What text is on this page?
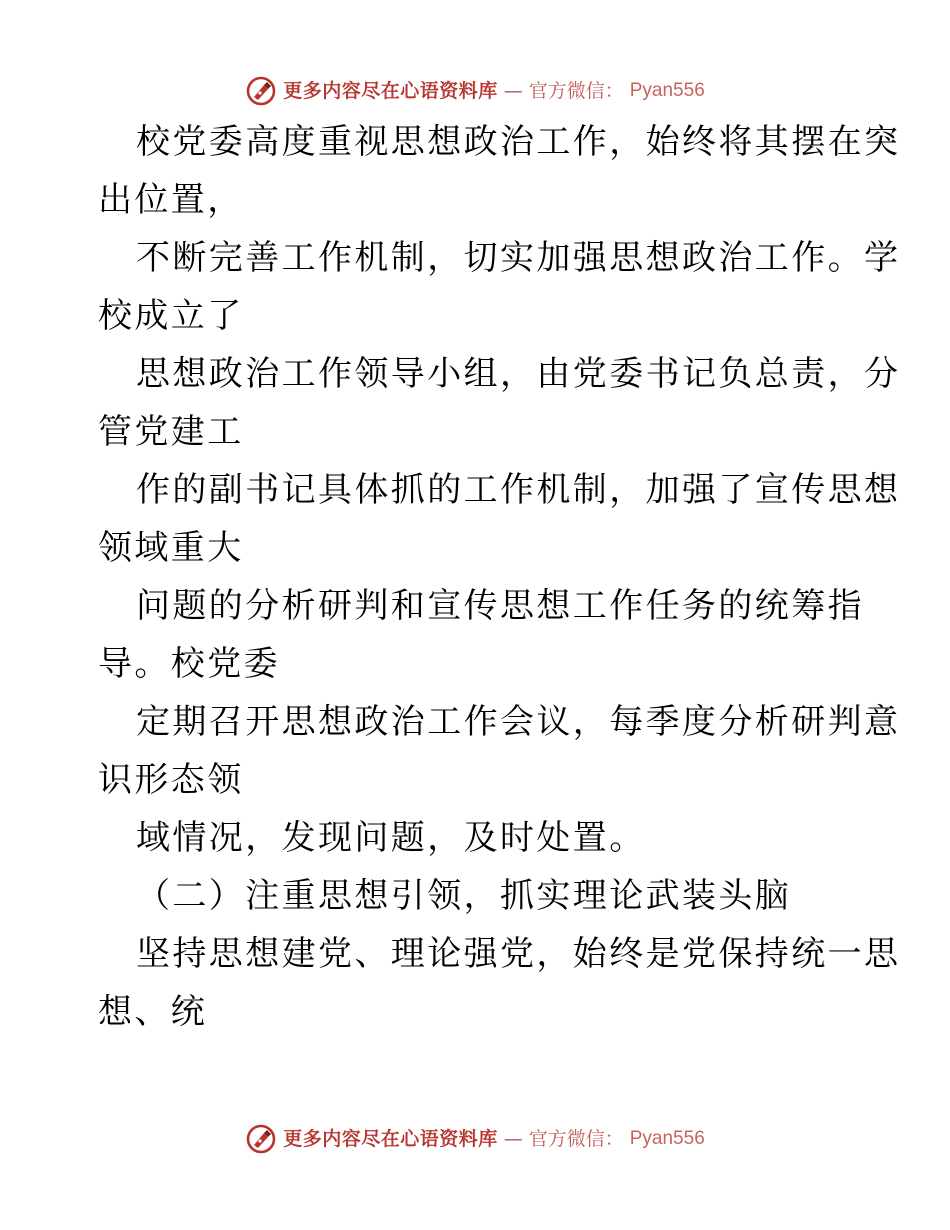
更多内容尽在心语资料库 — 官方微信： Pyan556
校党委高度重视思想政治工作，始终将其摆在突
出位置，
不断完善工作机制，切实加强思想政治工作。学
校成立了
思想政治工作领导小组，由党委书记负总责，分
管党建工
作的副书记具体抓的工作机制，加强了宣传思想
领域重大
问题的分析研判和宣传思想工作任务的统筹指
导。校党委
定期召开思想政治工作会议，每季度分析研判意
识形态领
域情况，发现问题，及时处置。
（二）注重思想引领，抓实理论武装头脑
坚持思想建党、理论强党，始终是党保持统一思
想、统
更多内容尽在心语资料库 — 官方微信： Pyan556
